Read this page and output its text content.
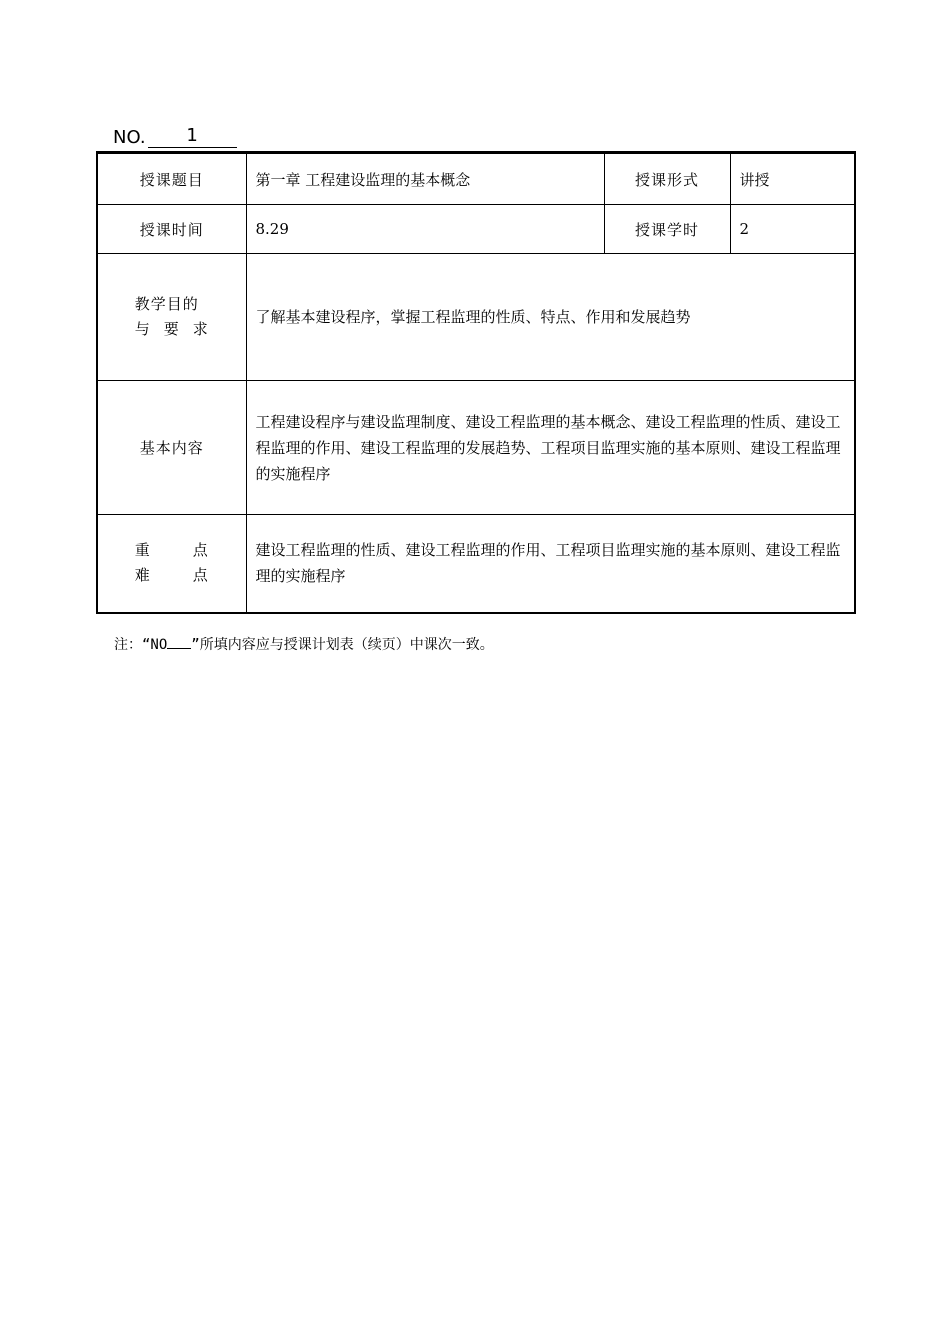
NO.	1
授课题目	第一章 工程建设监理的基本概念	授课形式	讲授
授课时间	8.29	授课学时	2

教学目的
与 要 求	了解基本建设程序，掌握工程监理的性质、特点、作用和发展趋势		
基本内容	工程建设程序与建设监理制度、建设工程监理的基本概念、建设工程监理的性质、建设工程监理的作用、建设工程监理的发展趋势、工程项目监理实施的基本原则、建设工程监理的实施程序		

重 点
难 点	建设工程监理的性质、建设工程监理的作用、工程项目监理实施的基本原则、建设工程监理的实施程序		
注：“NO ”所填内容应与授课计划表（续页）中课次一致。
